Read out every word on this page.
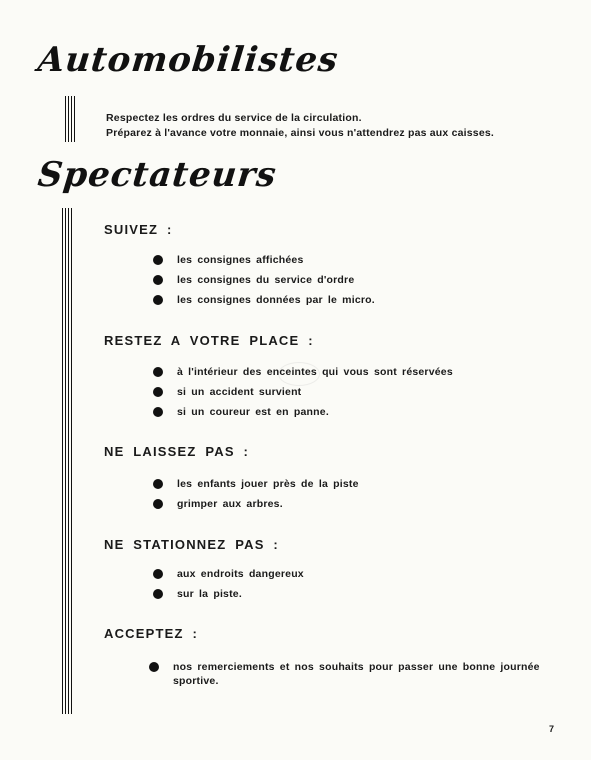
Automobilistes
Respectez les ordres du service de la circulation.
Préparez à l'avance votre monnaie, ainsi vous n'attendrez pas aux caisses.
Spectateurs
SUIVEZ :
les consignes affichées
les consignes du service d'ordre
les consignes données par le micro.
RESTEZ A VOTRE PLACE :
à l'intérieur des enceintes qui vous sont réservées
si un accident survient
si un coureur est en panne.
NE LAISSEZ PAS :
les enfants jouer près de la piste
grimper aux arbres.
NE STATIONNEZ PAS :
aux endroits dangereux
sur la piste.
ACCEPTEZ :
nos remerciements et nos souhaits pour passer une bonne journée sportive.
7
